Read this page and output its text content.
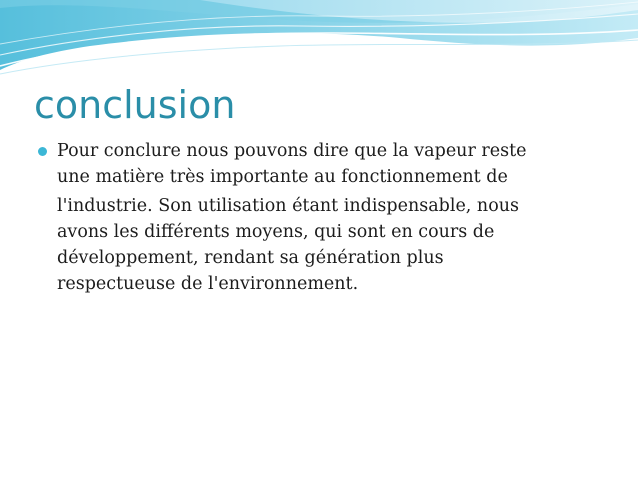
conclusion
Pour conclure nous pouvons dire que la vapeur reste
une matière très importante au fonctionnement de
l'industrie. Son utilisation étant indispensable, nous
avons les différents moyens, qui sont en cours de
développement, rendant sa génération plus
respectueuse de l'environnement.
